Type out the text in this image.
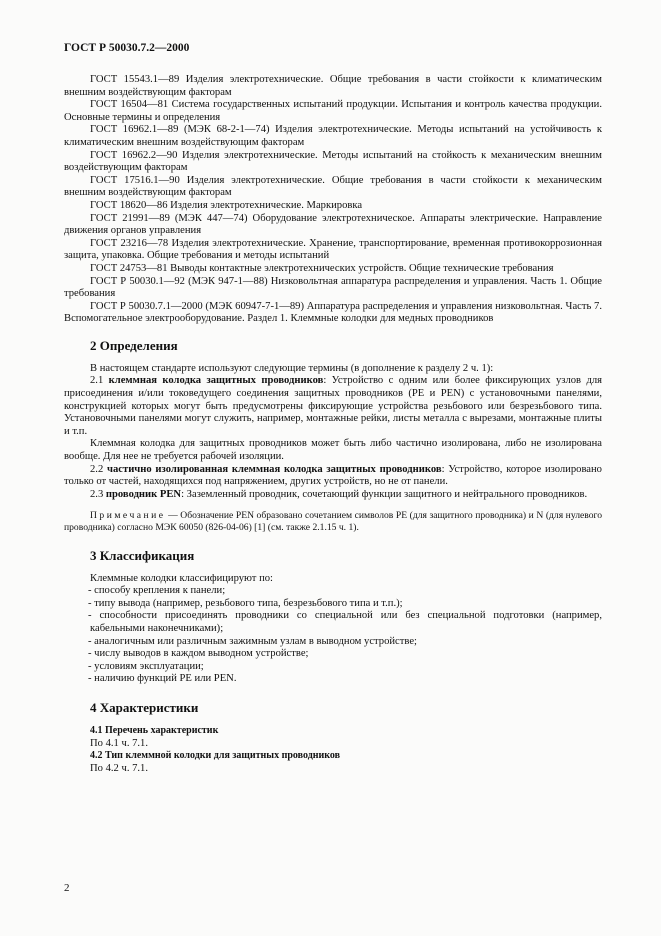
ГОСТ Р 50030.7.2—2000

ГОСТ 15543.1—89 Изделия электротехнические. Общие требования в части стойкости к климатическим внешним воздействующим факторам

ГОСТ 16504—81 Система государственных испытаний продукции. Испытания и контроль качества продукции. Основные термины и определения

ГОСТ 16962.1—89 (МЭК 68-2-1—74) Изделия электротехнические. Методы испытаний на устойчивость к климатическим внешним воздействующим факторам

ГОСТ 16962.2—90 Изделия электротехнические. Методы испытаний на стойкость к механическим внешним воздействующим факторам

ГОСТ 17516.1—90 Изделия электротехнические. Общие требования в части стойкости к механическим внешним воздействующим факторам

ГОСТ 18620—86 Изделия электротехнические. Маркировка

ГОСТ 21991—89 (МЭК 447—74) Оборудование электротехническое. Аппараты электрические. Направление движения органов управления

ГОСТ 23216—78 Изделия электротехнические. Хранение, транспортирование, временная противокоррозионная защита, упаковка. Общие требования и методы испытаний

ГОСТ 24753—81 Выводы контактные электротехнических устройств. Общие технические требования

ГОСТ Р 50030.1—92 (МЭК 947-1—88) Низковольтная аппаратура распределения и управления. Часть 1. Общие требования

ГОСТ Р 50030.7.1—2000 (МЭК 60947-7-1—89) Аппаратура распределения и управления низковольтная. Часть 7. Вспомогательное электрооборудование. Раздел 1. Клеммные колодки для медных проводников

2 Определения

В настоящем стандарте используют следующие термины (в дополнение к разделу 2 ч. 1):

2.1 клеммная колодка защитных проводников: Устройство с одним или более фиксирующих узлов для присоединения и/или токоведущего соединения защитных проводников (PE и PEN) с установочными панелями, конструкцией которых могут быть предусмотрены фиксирующие устройства резьбового или безрезьбового типа. Установочными панелями могут служить, например, монтажные рейки, листы металла с вырезами, монтажные плиты и т.п.

Клеммная колодка для защитных проводников может быть либо частично изолирована, либо не изолирована вообще. Для нее не требуется рабочей изоляции.

2.2 частично изолированная клеммная колодка защитных проводников: Устройство, которое изолировано только от частей, находящихся под напряжением, других устройств, но не от панели.

2.3 проводник PEN: Заземленный проводник, сочетающий функции защитного и нейтрального проводников.

Примечание — Обозначение PEN образовано сочетанием символов PE (для защитного проводника) и N (для нулевого проводника) согласно МЭК 60050 (826-04-06) [1] (см. также 2.1.15 ч. 1).

3 Классификация

Клеммные колодки классифицируют по:

- способу крепления к панели;
- типу вывода (например, резьбового типа, безрезьбового типа и т.п.);
- способности присоединять проводники со специальной или без специальной подготовки (например, кабельными наконечниками);
- аналогичным или различным зажимным узлам в выводном устройстве;
- числу выводов в каждом выводном устройстве;
- условиям эксплуатации;
- наличию функций PE или PEN.
4 Характеристики
4.1 Перечень характеристик
По 4.1 ч. 7.1.
4.2 Тип клеммной колодки для защитных проводников
По 4.2 ч. 7.1.
2
